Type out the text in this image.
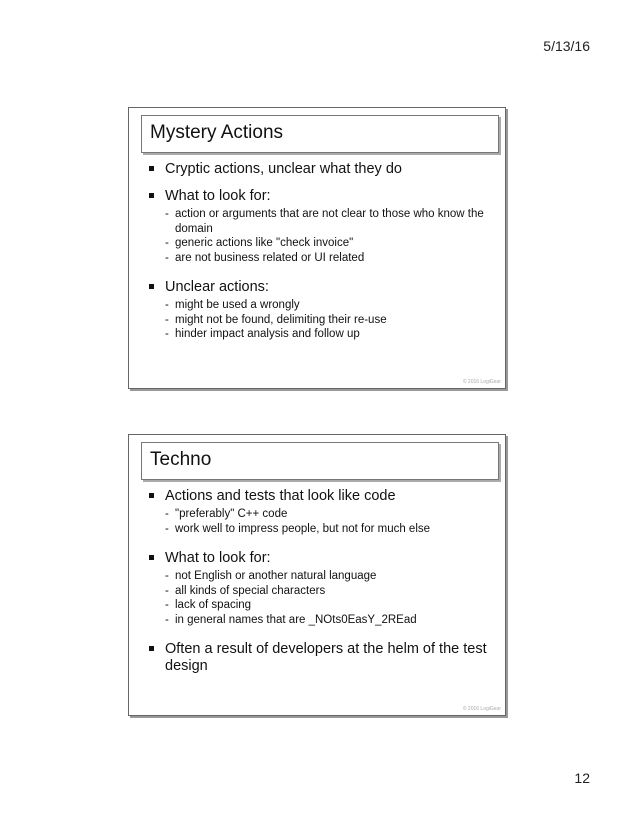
5/13/16
Mystery Actions
Cryptic actions, unclear what they do
What to look for:
- action or arguments that are not clear to those who know the domain
- generic actions like "check invoice"
- are not business related or UI related
Unclear actions:
- might be used a wrongly
- might not be found, delimiting their re-use
- hinder impact analysis and follow up
© 2016 LogiGear
Techno
Actions and tests that look like code
- "preferably" C++ code
- work well to impress people, but not for much else
What to look for:
- not English or another natural language
- all kinds of special characters
- lack of spacing
- in general names that are _NOts0EasY_2REad
Often a result of developers at the helm of the test design
© 2016 LogiGear
12
